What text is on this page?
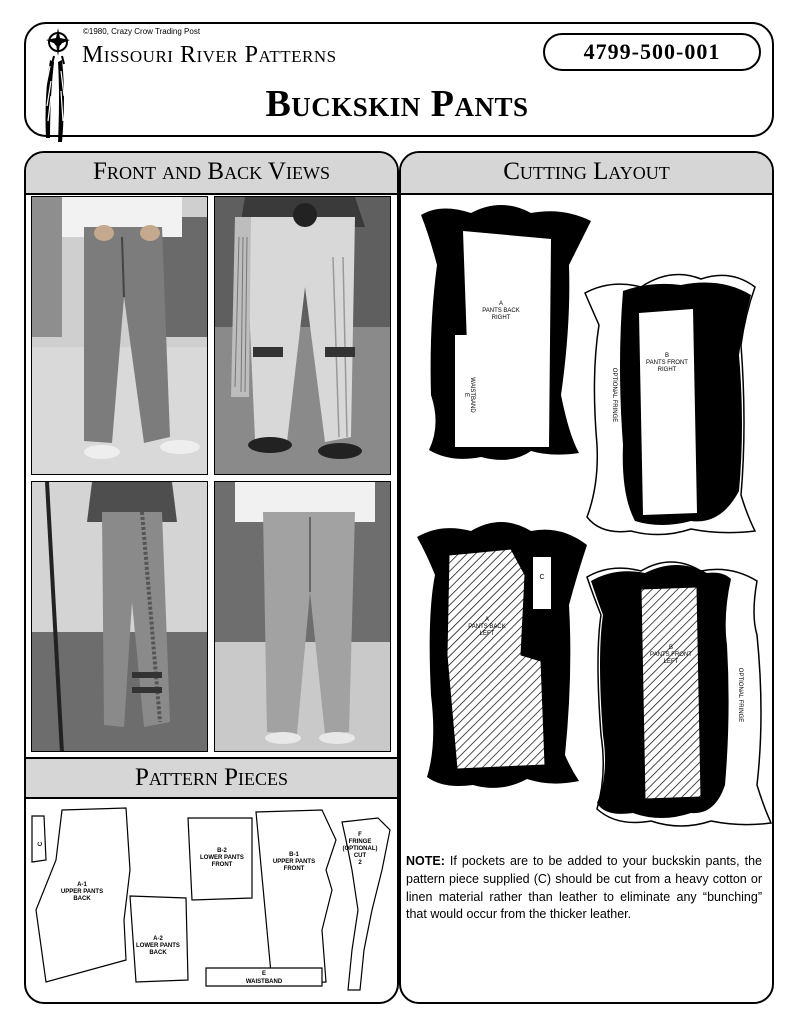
©1980, Crazy Crow Trading Post
Missouri River Patterns	4799-500-001
Buckskin Pants
Front and Back Views
Pattern Pieces
C
A-1
UPPER PANTS
BACK
A-2
LOWER PANTS
BACK
B-2
LOWER PANTS
FRONT
B-1
UPPER PANTS
FRONT
E
WAISTBAND
F
FRINGE
(OPTIONAL)
CUT
2
Cutting Layout
A
PANTS BACK
RIGHT
E WAISTBAND
B
PANTS FRONT
RIGHT
OPTIONAL FRINGE
A
PANTS BACK
LEFT
C
B
PANTS FRONT
LEFT
OPTIONAL FRINGE
NOTE: If pockets are to be added to your buckskin pants, the pattern piece supplied (C) should be cut from a heavy cotton or linen material rather than leather to eliminate any “bunching” that would occur from the thicker leather.
